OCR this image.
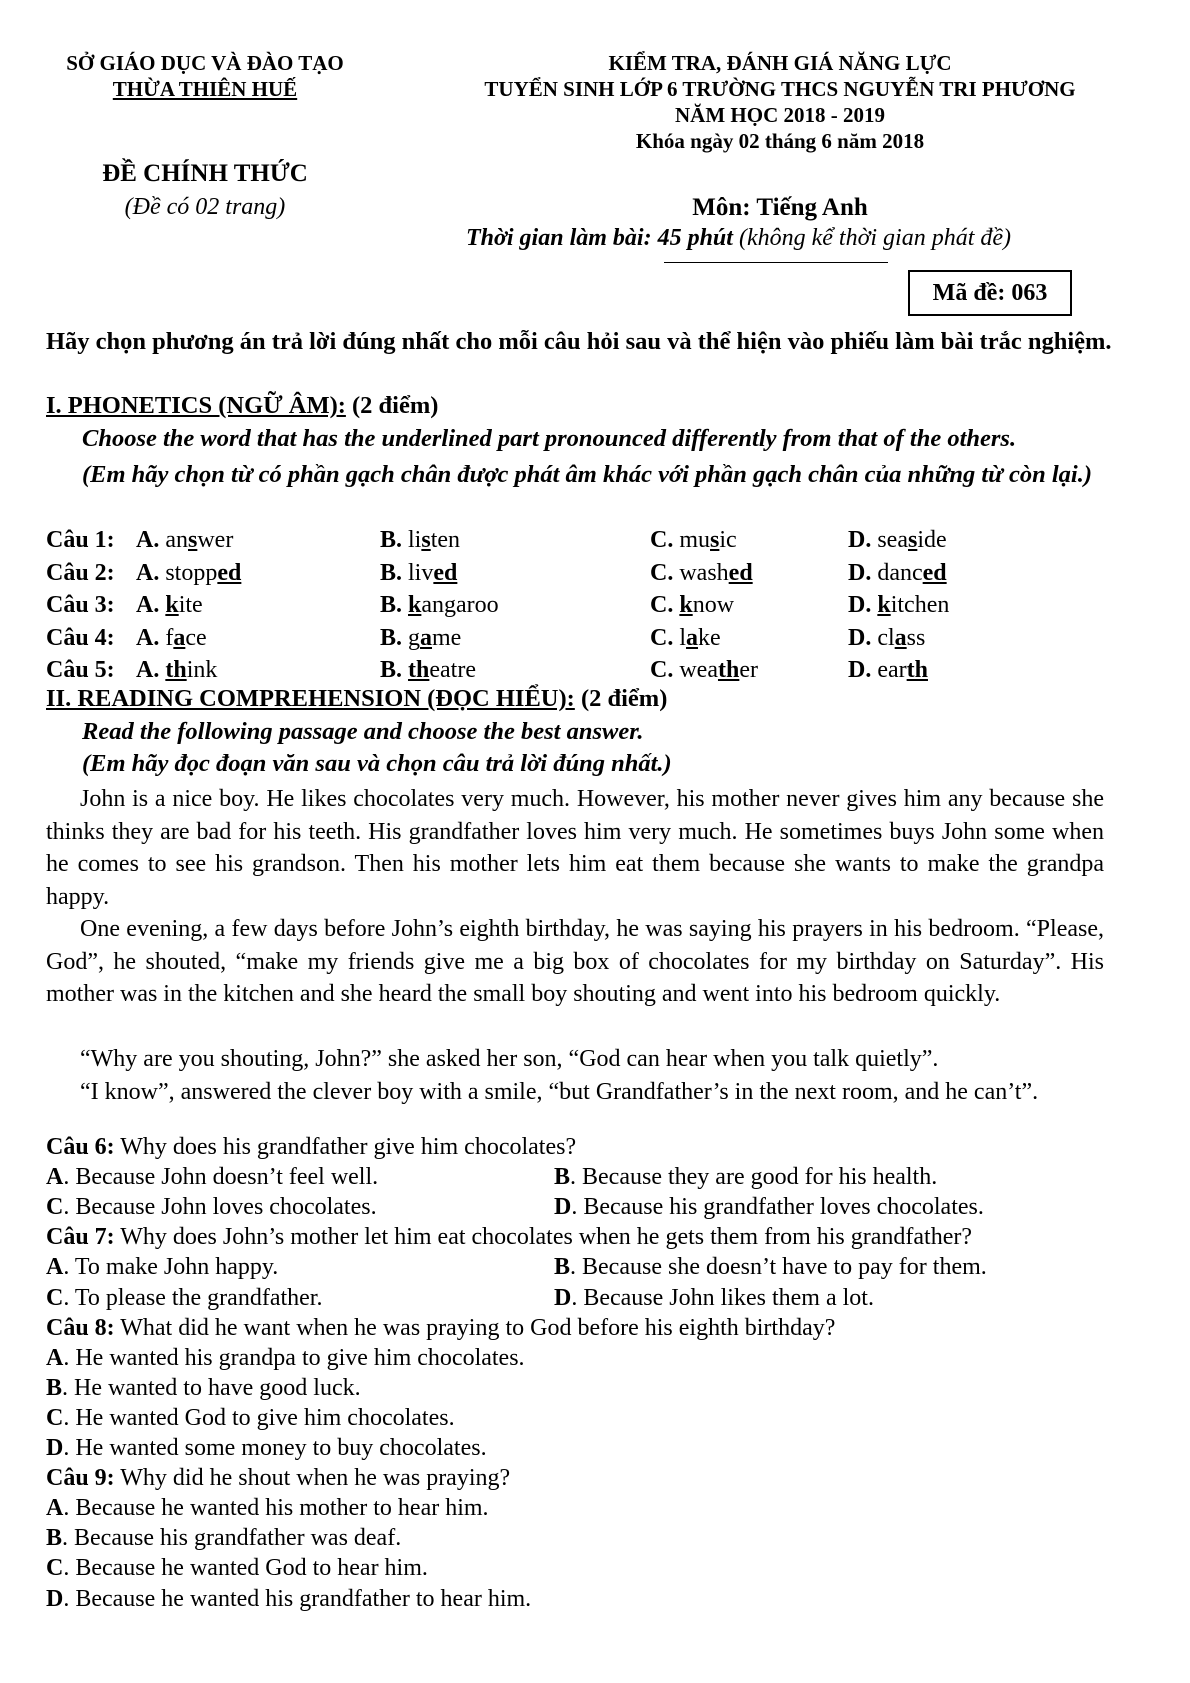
SỞ GIÁO DỤC VÀ ĐÀO TẠO
THỪA THIÊN HUẾ
ĐỀ CHÍNH THỨC
(Đề có 02 trang)
KIỂM TRA, ĐÁNH GIÁ NĂNG LỰC
TUYỂN SINH LỚP 6 TRƯỜNG THCS NGUYỄN TRI PHƯƠNG
NĂM HỌC 2018 - 2019
Khóa ngày 02 tháng 6 năm 2018
Môn: Tiếng Anh
Thời gian làm bài: 45 phút (không kể thời gian phát đề)
Mã đề: 063
Hãy chọn phương án trả lời đúng nhất cho mỗi câu hỏi sau và thể hiện vào phiếu làm bài trắc nghiệm.
I. PHONETICS (NGỮ ÂM): (2 điểm)
Choose the word that has the underlined part pronounced differently from that of the others.
(Em hãy chọn từ có phần gạch chân được phát âm khác với phần gạch chân của những từ còn lại.)
Câu 1: A. answer	B. listen	C. music	D. seaside
Câu 2: A. stopped	B. lived	C. washed	D. danced
Câu 3: A. kite	B. kangaroo	C. know	D. kitchen
Câu 4: A. face	B. game	C. lake	D. class
Câu 5: A. think	B. theatre	C. weather	D. earth
II. READING COMPREHENSION (ĐỌC HIỂU): (2 điểm)
Read the following passage and choose the best answer.
(Em hãy đọc đoạn văn sau và chọn câu trả lời đúng nhất.)
John is a nice boy. He likes chocolates very much. However, his mother never gives him any because she thinks they are bad for his teeth. His grandfather loves him very much. He sometimes buys John some when he comes to see his grandson. Then his mother lets him eat them because she wants to make the grandpa happy.
One evening, a few days before John’s eighth birthday, he was saying his prayers in his bedroom. “Please, God”, he shouted, “make my friends give me a big box of chocolates for my birthday on Saturday”. His mother was in the kitchen and she heard the small boy shouting and went into his bedroom quickly.
“Why are you shouting, John?” she asked her son, “God can hear when you talk quietly”.
“I know”, answered the clever boy with a smile, “but Grandfather’s in the next room, and he can’t”.
Câu 6: Why does his grandfather give him chocolates?
A. Because John doesn’t feel well.	B. Because they are good for his health.
C. Because John loves chocolates.	D. Because his grandfather loves chocolates.
Câu 7: Why does John’s mother let him eat chocolates when he gets them from his grandfather?
A. To make John happy.	B. Because she doesn’t have to pay for them.
C. To please the grandfather.	D. Because John likes them a lot.
Câu 8: What did he want when he was praying to God before his eighth birthday?
A. He wanted his grandpa to give him chocolates.
B. He wanted to have good luck.
C. He wanted God to give him chocolates.
D. He wanted some money to buy chocolates.
Câu 9: Why did he shout when he was praying?
A. Because he wanted his mother to hear him.
B. Because his grandfather was deaf.
C. Because he wanted God to hear him.
D. Because he wanted his grandfather to hear him.
